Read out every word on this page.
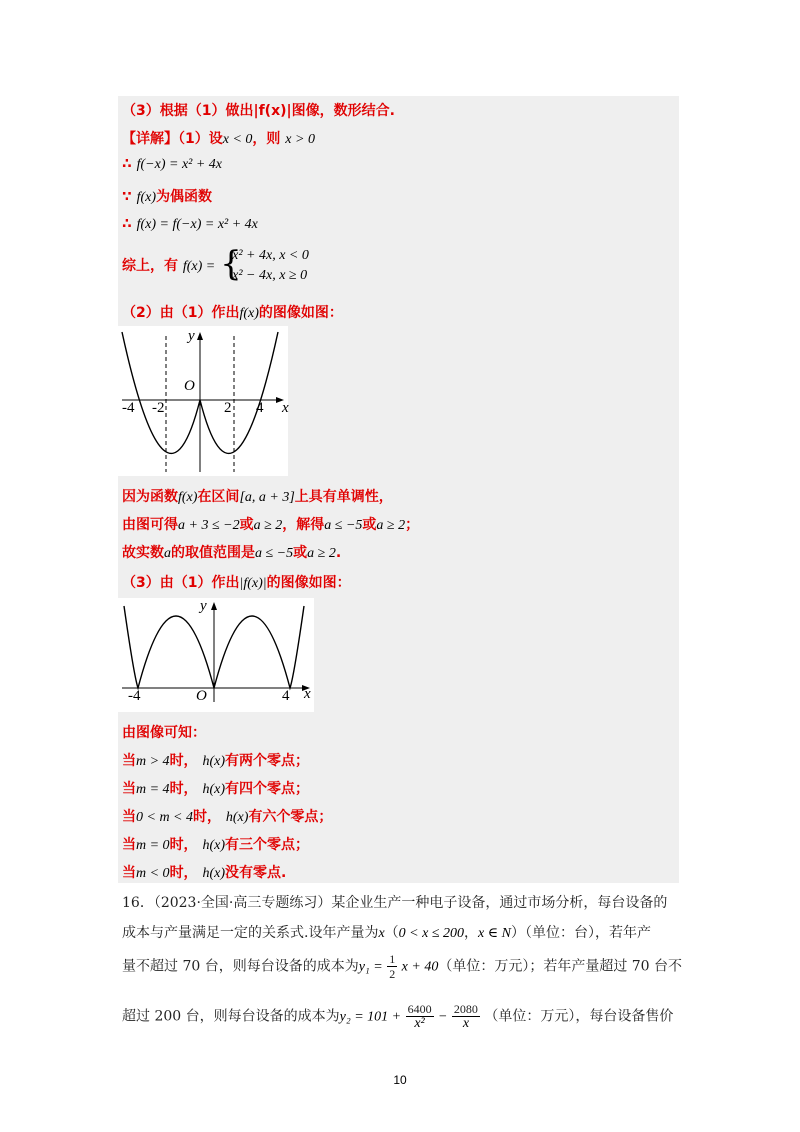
（3）根据（1）做出|f(x)|图像，数形结合.
【详解】（1）设x < 0，则 x > 0
∴ f(−x) = x² + 4x
∵ f(x)为偶函数
∴ f(x) = f(−x) = x² + 4x
综上，有 f(x) = {
x² + 4x, x < 0
x² − 4x, x ≥ 0
（2）由（1）作出f(x)的图像如图：
y
x
O
-4 -2	2 4
因为函数f(x)在区间[a, a + 3]上具有单调性，
由图可得a + 3 ≤ −2或a ≥ 2，解得a ≤ −5或a ≥ 2；
故实数a的取值范围是a ≤ −5或a ≥ 2.
（3）由（1）作出|f(x)|的图像如图：
y
x
O
-4	4
由图像可知：
当m > 4时， h(x)有两个零点；
当m = 4时， h(x)有四个零点；
当0 < m < 4时， h(x)有六个零点；
当m = 0时， h(x)有三个零点；
当m < 0时， h(x)没有零点.
16．（2023·全国·高三专题练习）某企业生产一种电子设备，通过市场分析，每台设备的
成本与产量满足一定的关系式.设年产量为x（0 < x ≤ 200，x ∈ N）（单位：台），若年产
量不超过 70 台，则每台设备的成本为$y_1 = \frac{1}{2}$ x + 40（单位：万元）；若年产量超过 70 台不
超过 200 台，则每台设备的成本为$y_2 = 101 + \frac{6400}{\text{x²}} - \frac{2080}{x}$ （单位：万元），每台设备售价
10
